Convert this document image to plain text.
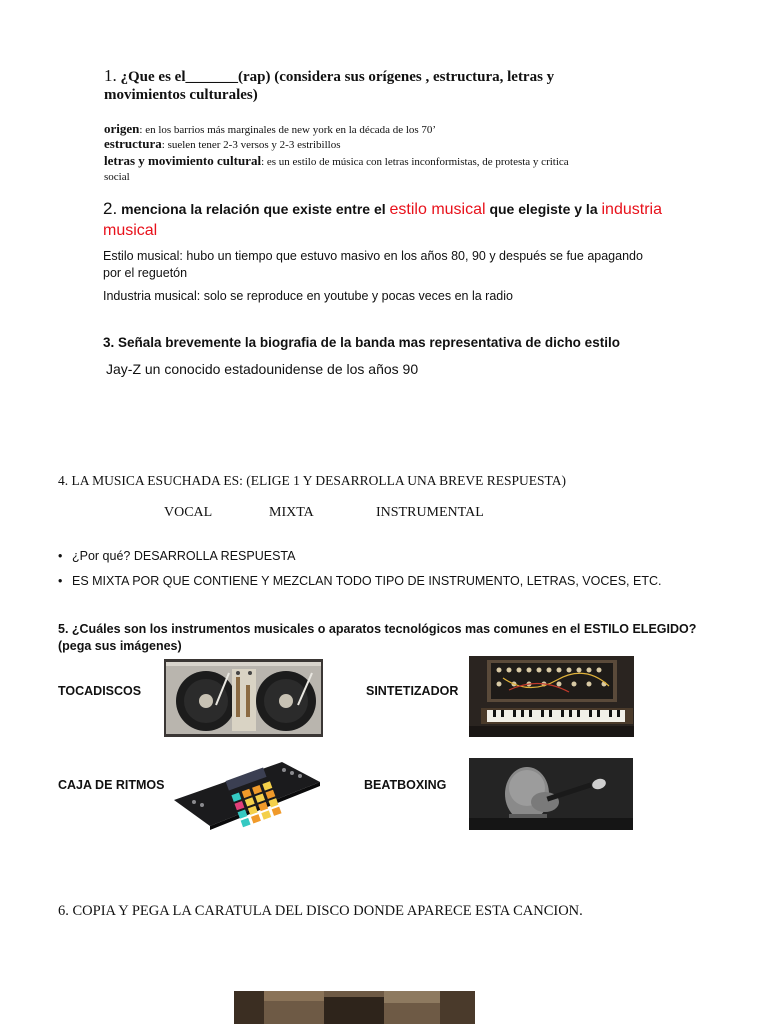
1. ¿Que es el_______(rap) (considera sus orígenes , estructura, letras y
movimientos culturales)
origen: en los barrios más marginales de new york en la década de los 70’
estructura: suelen tener 2-3 versos y 2-3 estribillos
letras y movimiento cultural: es un estilo de música con letras inconformistas, de protesta y critica
social
2. menciona la relación que existe entre el estilo musical que elegiste y la industria
musical
Estilo musical: hubo un tiempo que estuvo masivo en los años 80, 90 y después se fue apagando
por el reguetón
Industria musical: solo se reproduce en youtube y pocas veces en la radio
3. Señala brevemente la biografia de la banda mas representativa de dicho estilo
Jay-Z un conocido estadounidense de los años 90
4. LA MUSICA ESUCHADA ES: (ELIGE 1 Y DESARROLLA UNA BREVE RESPUESTA)
VOCAL	MIXTA	INSTRUMENTAL
• ¿Por qué? DESARROLLA RESPUESTA
• ES MIXTA POR QUE CONTIENE Y MEZCLAN TODO TIPO DE INSTRUMENTO, LETRAS, VOCES, ETC.
5. ¿Cuáles son los instrumentos musicales o aparatos tecnológicos mas comunes en el ESTILO ELEGIDO?
(pega sus imágenes)
TOCADISCOS	SINTETIZADOR
CAJA DE RITMOS	BEATBOXING
6. COPIA Y PEGA LA CARATULA DEL DISCO DONDE APARECE ESTA CANCION.
